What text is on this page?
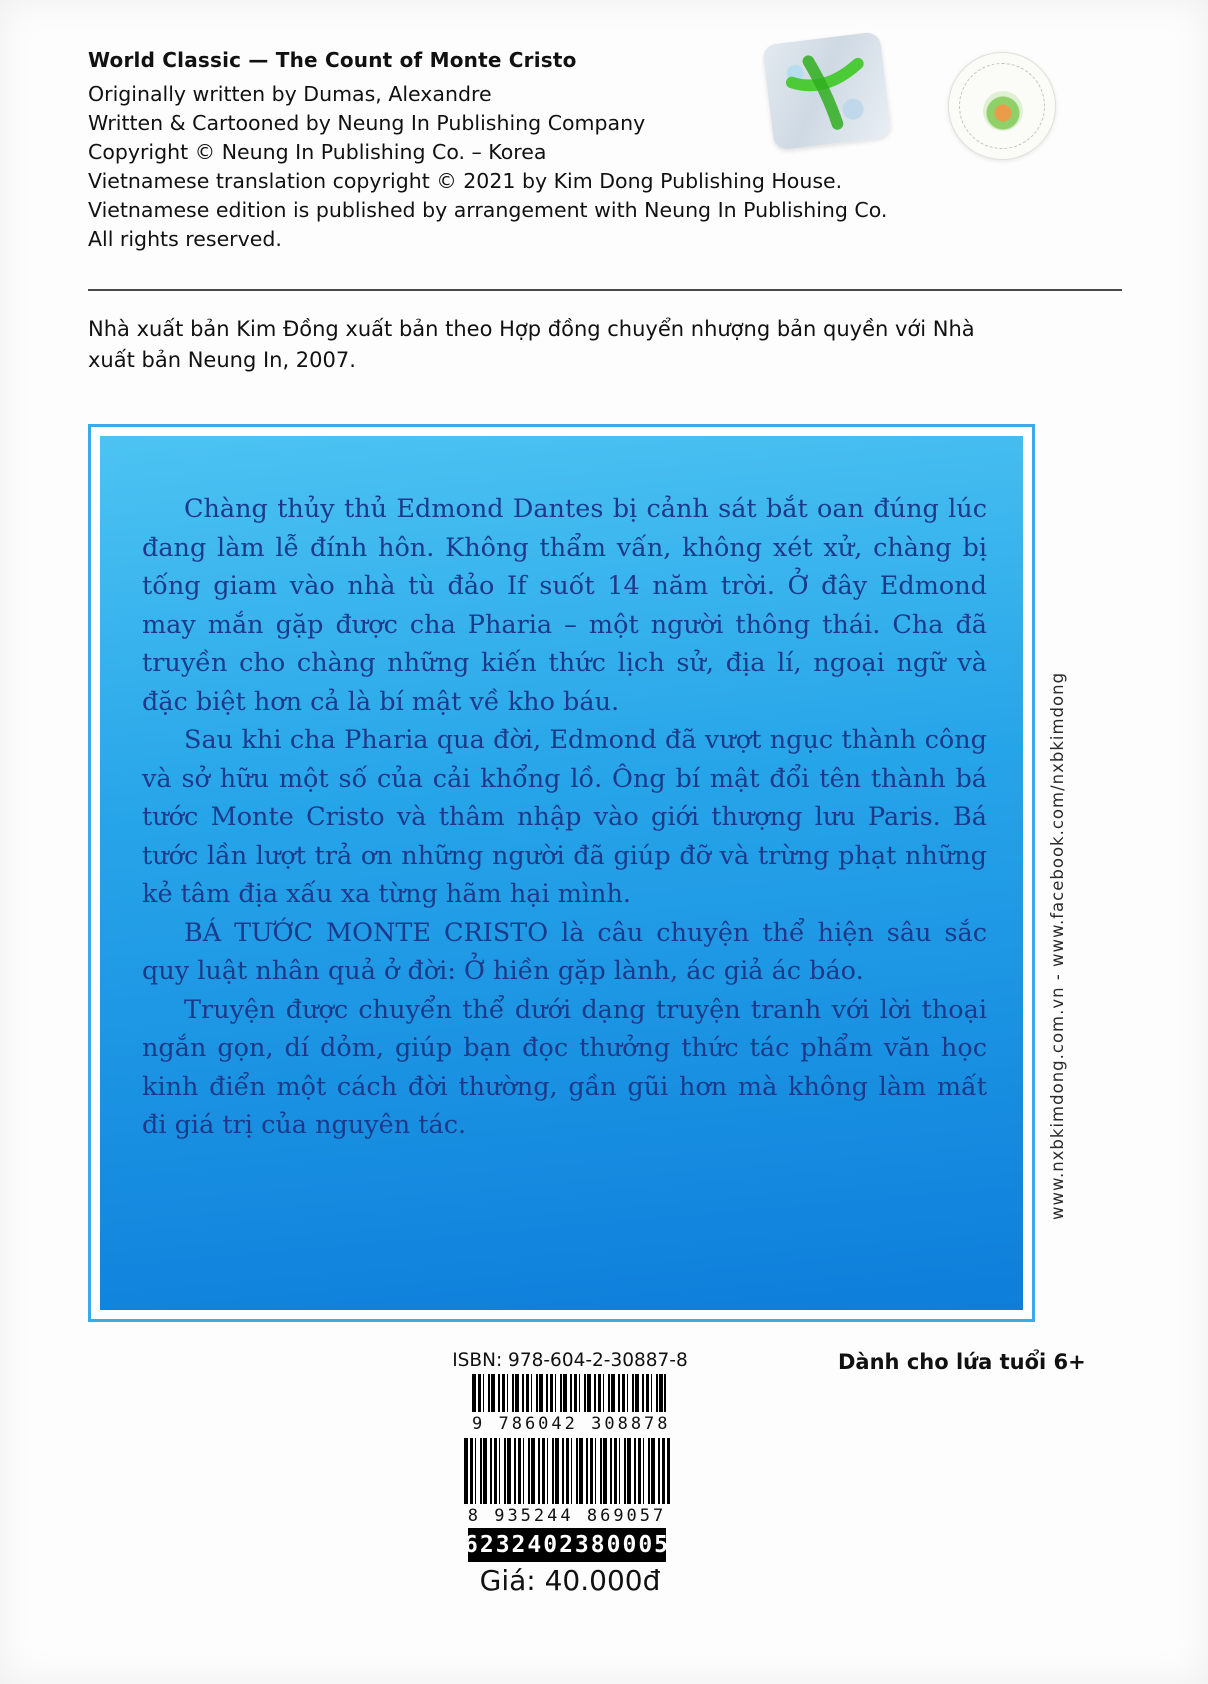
World Classic — The Count of Monte Cristo
Originally written by Dumas, Alexandre
Written & Cartooned by Neung In Publishing Company
Copyright © Neung In Publishing Co. – Korea
Vietnamese translation copyright © 2021 by Kim Dong Publishing House.
Vietnamese edition is published by arrangement with Neung In Publishing Co.
All rights reserved.
Nhà xuất bản Kim Đồng xuất bản theo Hợp đồng chuyển nhượng bản quyền với Nhà xuất bản Neung In, 2007.

Chàng thủy thủ Edmond Dantes bị cảnh sát bắt oan đúng lúc đang làm lễ đính hôn. Không thẩm vấn, không xét xử, chàng bị tống giam vào nhà tù đảo If suốt 14 năm trời. Ở đây Edmond may mắn gặp được cha Pharia – một người thông thái. Cha đã truyền cho chàng những kiến thức lịch sử, địa lí, ngoại ngữ và đặc biệt hơn cả là bí mật về kho báu.

Sau khi cha Pharia qua đời, Edmond đã vượt ngục thành công và sở hữu một số của cải khổng lồ. Ông bí mật đổi tên thành bá tước Monte Cristo và thâm nhập vào giới thượng lưu Paris. Bá tước lần lượt trả ơn những người đã giúp đỡ và trừng phạt những kẻ tâm địa xấu xa từng hãm hại mình.

BÁ TƯỚC MONTE CRISTO là câu chuyện thể hiện sâu sắc quy luật nhân quả ở đời: Ở hiền gặp lành, ác giả ác báo.

Truyện được chuyển thể dưới dạng truyện tranh với lời thoại ngắn gọn, dí dỏm, giúp bạn đọc thưởng thức tác phẩm văn học kinh điển một cách đời thường, gần gũi hơn mà không làm mất đi giá trị của nguyên tác.	www.nxbkimdong.com.vn - www.facebook.com/nxbkimdong
ISBN: 978-604-2-30887-8
9 786042 308878
8 935244 869057
6232402380005
Giá: 40.000đ
Dành cho lứa tuổi 6+
